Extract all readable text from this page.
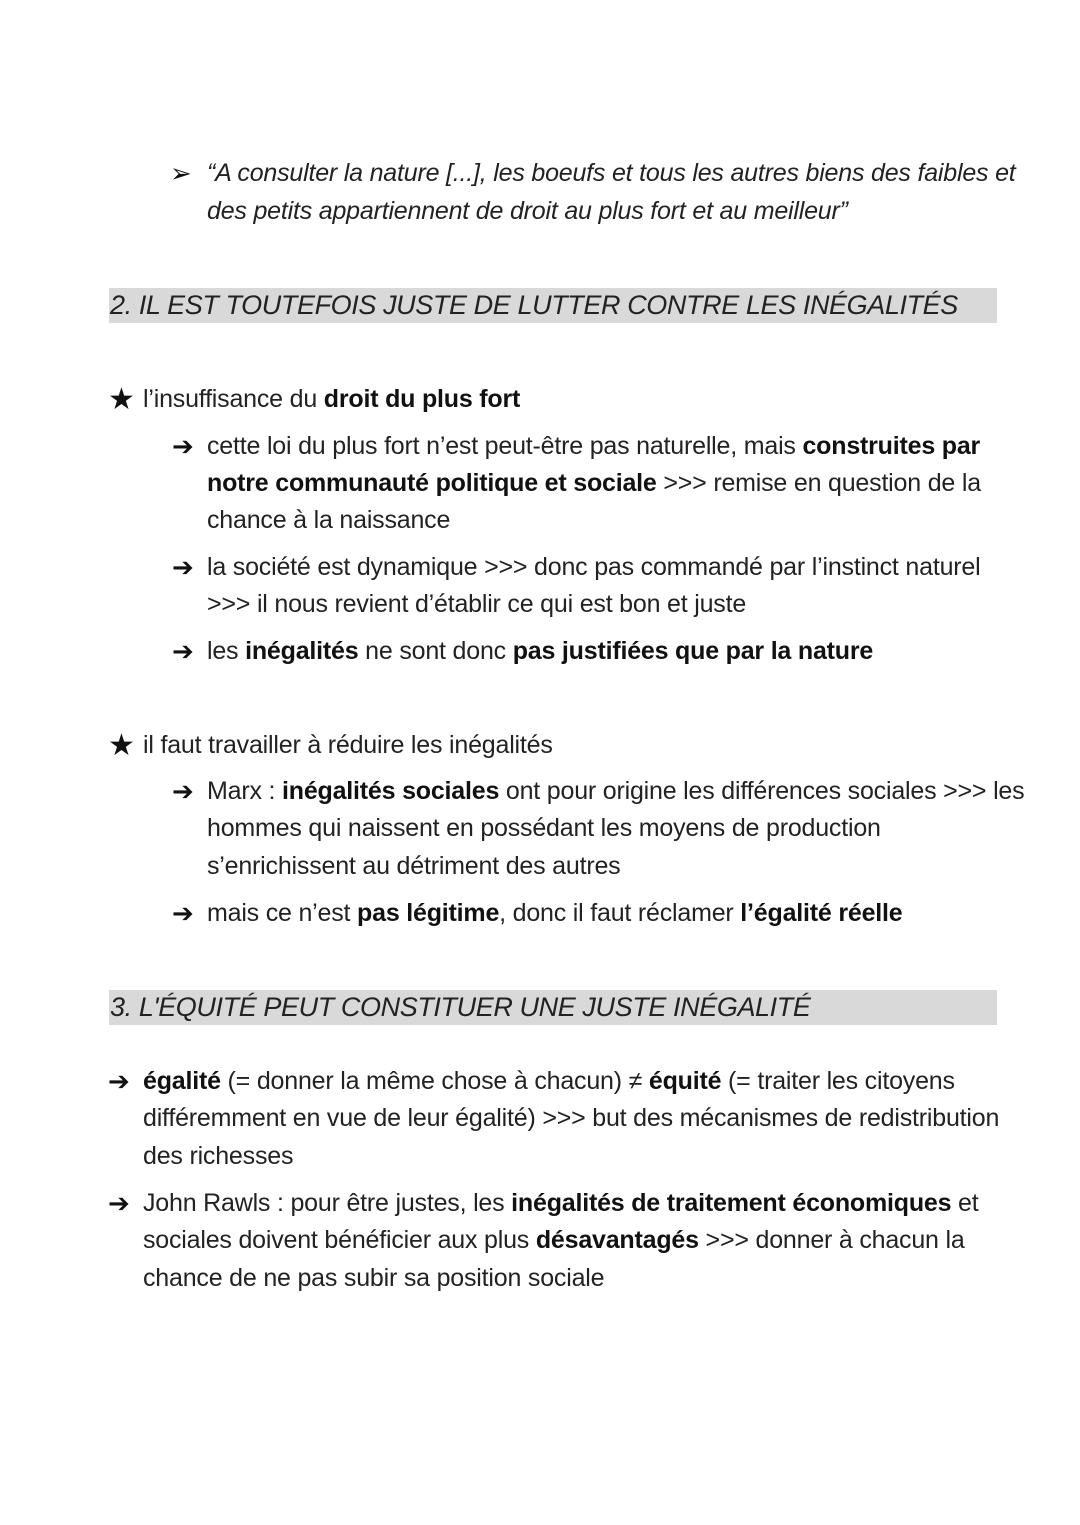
➢ “A consulter la nature [...], les boeufs et tous les autres biens des faibles et
des petits appartiennent de droit au plus fort et au meilleur”
2. IL EST TOUTEFOIS JUSTE DE LUTTER CONTRE LES INÉGALITÉS
★ l’insuffisance du droit du plus fort
➔ cette loi du plus fort n’est peut-être pas naturelle, mais construites par
notre communauté politique et sociale >>> remise en question de la
chance à la naissance
➔ la société est dynamique >>> donc pas commandé par l’instinct naturel
>>> il nous revient d’établir ce qui est bon et juste
➔ les inégalités ne sont donc pas justifiées que par la nature
★ il faut travailler à réduire les inégalités
➔ Marx : inégalités sociales ont pour origine les différences sociales >>> les
hommes qui naissent en possédant les moyens de production
s’enrichissent au détriment des autres
➔ mais ce n’est pas légitime, donc il faut réclamer l’égalité réelle
3. L'ÉQUITÉ PEUT CONSTITUER UNE JUSTE INÉGALITÉ
➔ égalité (= donner la même chose à chacun) ≠ équité (= traiter les citoyens
différemment en vue de leur égalité) >>> but des mécanismes de redistribution
des richesses
➔ John Rawls : pour être justes, les inégalités de traitement économiques et
sociales doivent bénéficier aux plus désavantagés >>> donner à chacun la
chance de ne pas subir sa position sociale
